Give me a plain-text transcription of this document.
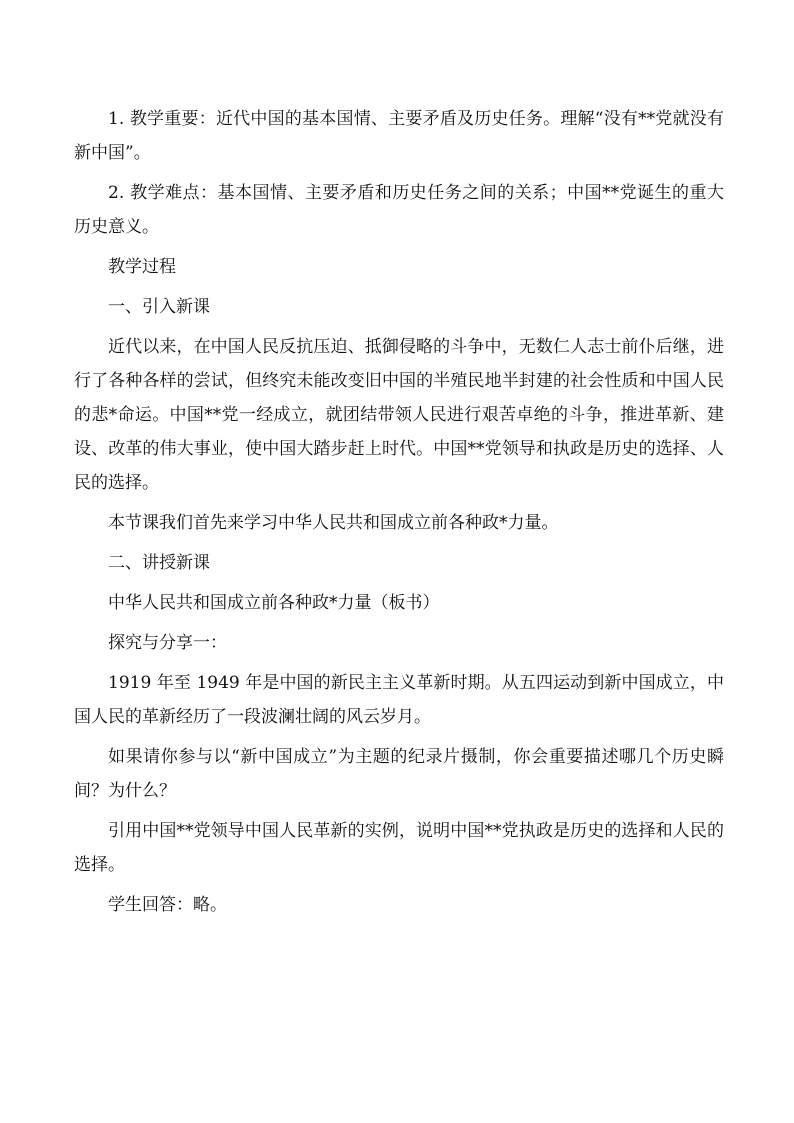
1. 教学重要：近代中国的基本国情、主要矛盾及历史任务。理解“没有**党就没有新中国”。

2. 教学难点：基本国情、主要矛盾和历史任务之间的关系；中国**党诞生的重大历史意义。

教学过程

一、引入新课

近代以来，在中国人民反抗压迫、抵御侵略的斗争中，无数仁人志士前仆后继，进行了各种各样的尝试，但终究未能改变旧中国的半殖民地半封建的社会性质和中国人民的悲*命运。中国**党一经成立，就团结带领人民进行艰苦卓绝的斗争，推进革新、建设、改革的伟大事业，使中国大踏步赶上时代。中国**党领导和执政是历史的选择、人民的选择。

本节课我们首先来学习中华人民共和国成立前各种政*力量。

二、讲授新课

中华人民共和国成立前各种政*力量（板书）

探究与分享一：

1919 年至 1949 年是中国的新民主主义革新时期。从五四运动到新中国成立，中国人民的革新经历了一段波澜壮阔的风云岁月。

如果请你参与以“新中国成立”为主题的纪录片摄制，你会重要描述哪几个历史瞬间？为什么？

引用中国**党领导中国人民革新的实例，说明中国**党执政是历史的选择和人民的选择。

学生回答：略。
